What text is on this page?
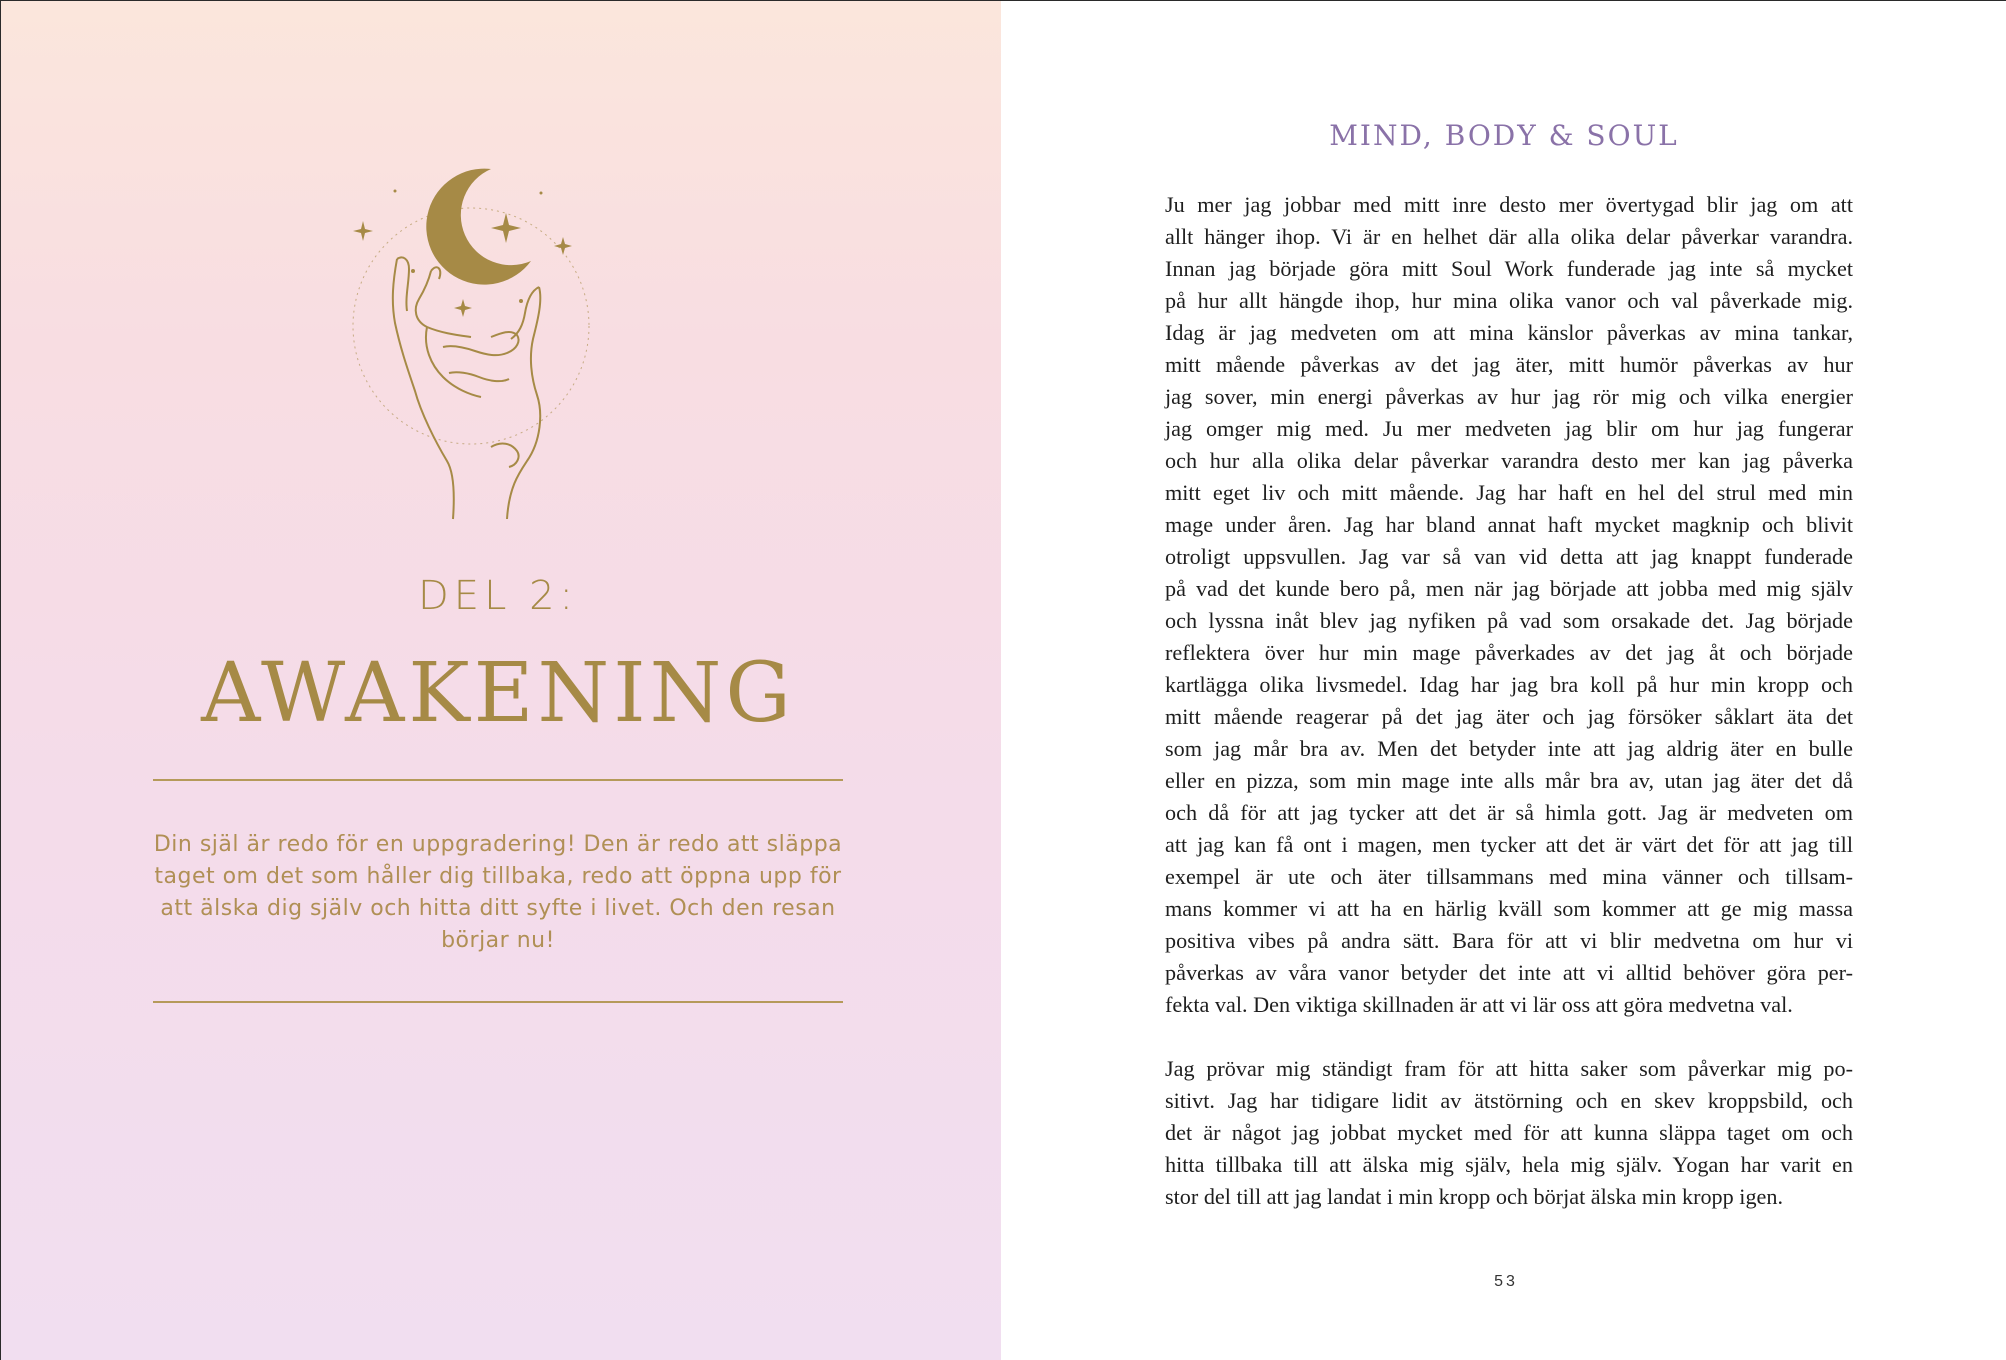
DEL 2:
AWAKENING
Din själ är redo för en uppgradering! Den är redo att släppa
taget om det som håller dig tillbaka, redo att öppna upp för
att älska dig själv och hitta ditt syfte i livet. Och den resan
börjar nu!
MIND, BODY & SOUL
Ju mer jag jobbar med mitt inre desto mer övertygad blir jag om att
allt hänger ihop. Vi är en helhet där alla olika delar påverkar varandra.
Innan jag började göra mitt Soul Work funderade jag inte så mycket
på hur allt hängde ihop, hur mina olika vanor och val påverkade mig.
Idag är jag medveten om att mina känslor påverkas av mina tankar,
mitt mående påverkas av det jag äter, mitt humör påverkas av hur
jag sover, min energi påverkas av hur jag rör mig och vilka energier
jag omger mig med. Ju mer medveten jag blir om hur jag fungerar
och hur alla olika delar påverkar varandra desto mer kan jag påverka
mitt eget liv och mitt mående. Jag har haft en hel del strul med min
mage under åren. Jag har bland annat haft mycket magknip och blivit
otroligt uppsvullen. Jag var så van vid detta att jag knappt funderade
på vad det kunde bero på, men när jag började att jobba med mig själv
och lyssna inåt blev jag nyfiken på vad som orsakade det. Jag började
reflektera över hur min mage påverkades av det jag åt och började
kartlägga olika livsmedel. Idag har jag bra koll på hur min kropp och
mitt mående reagerar på det jag äter och jag försöker såklart äta det
som jag mår bra av. Men det betyder inte att jag aldrig äter en bulle
eller en pizza, som min mage inte alls mår bra av, utan jag äter det då
och då för att jag tycker att det är så himla gott. Jag är medveten om
att jag kan få ont i magen, men tycker att det är värt det för att jag till
exempel är ute och äter tillsammans med mina vänner och tillsam-
mans kommer vi att ha en härlig kväll som kommer att ge mig massa
positiva vibes på andra sätt. Bara för att vi blir medvetna om hur vi
påverkas av våra vanor betyder det inte att vi alltid behöver göra per-
fekta val. Den viktiga skillnaden är att vi lär oss att göra medvetna val.
Jag prövar mig ständigt fram för att hitta saker som påverkar mig po-
sitivt. Jag har tidigare lidit av ätstörning och en skev kroppsbild, och
det är något jag jobbat mycket med för att kunna släppa taget om och
hitta tillbaka till att älska mig själv, hela mig själv. Yogan har varit en
stor del till att jag landat i min kropp och börjat älska min kropp igen.
53
